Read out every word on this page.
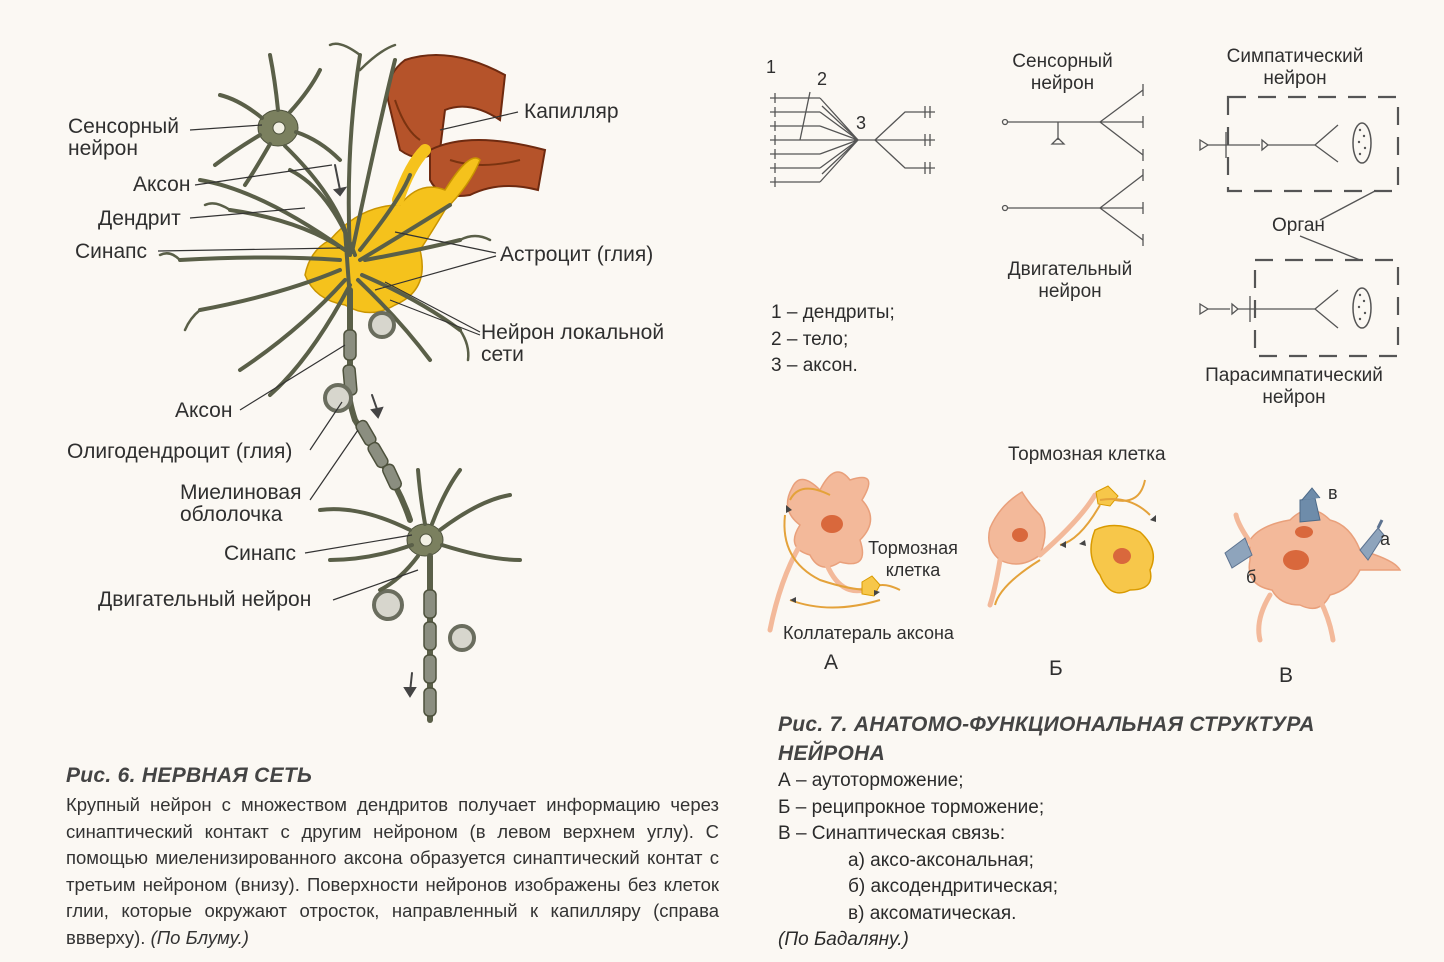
Сенсорный
нейрон
Капилляр
Аксон
Дендрит
Синапс	Астроцит (глия)
Нейрон локальной
сети
Аксон
Олигодендроцит (глия)
Миелиновая
облолочка
Синапс
Двигательный нейрон
Рис. 6. НЕРВНАЯ СЕТЬ
Крупный нейрон с множеством дендритов получает информацию через синаптический контакт с другим нейроном (в левом верхнем углу). С помощью миеленизированного аксона образуется синаптический контат с третьим нейроном (внизу). Поверхности нейронов изображены без клеток глии, которые окружают отросток, направленный к капилляру (справа ввверху). (По Блуму.)
1
2
3
Сенсорный
нейрон
Двигательный
нейрон
Симпатический
нейрон
Орган
Парасимпатический
нейрон
1 – дендриты;
2 – тело;
3 – аксон.
Тормозная клетка
Тормозная
клетка
Коллатераль аксона
А	Б	В
в
а
б
Рис. 7. АНАТОМО-ФУНКЦИОНАЛЬНАЯ СТРУКТУРА НЕЙРОНА
А – аутоторможение;
Б – реципрокное торможение;
В – Синаптическая связь:
а) аксо-аксональная;
б) аксодендритическая;
в) аксоматическая.
(По Бадаляну.)
